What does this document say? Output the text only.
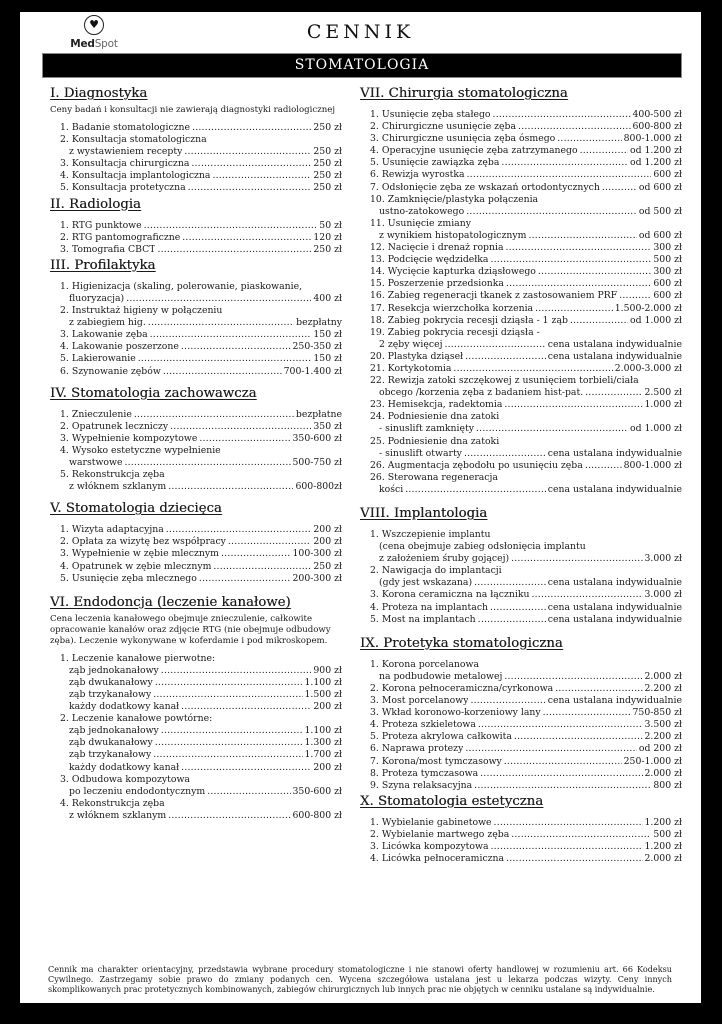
♥
MedSpot
CENNIK
STOMATOLOGIA
I. Diagnostyka
Ceny badań i konsultacji nie zawierają diagnostyki radiologicznej
1. Badanie stomatologiczne .....	250 zł
2. Konsultacja stomatologiczna
z wystawieniem recepty .....	250 zł
3. Konsultacja chirurgiczna .....	250 zł
4. Konsultacja implantologiczna .....	250 zł
5. Konsultacja protetyczna .....	250 zł
II. Radiologia
1. RTG punktowe .....	50 zł
2. RTG pantomograficzne .....	120 zł
3. Tomografia CBCT .....	250 zł
III. Profilaktyka
1. Higienizacja (skaling, polerowanie, piaskowanie,
fluoryzacja) .....	400 zł
2. Instruktaż higieny w połączeniu
z zabiegiem hig. .....	bezpłatny
3. Lakowanie zęba .....	150 zł
4. Lakowanie poszerzone .....	250-350 zł
5. Lakierowanie .....	150 zł
6. Szynowanie zębów .....	700-1.400 zł
IV. Stomatologia zachowawcza
1. Znieczulenie .....	bezpłatne
2. Opatrunek leczniczy .....	350 zł
3. Wypełnienie kompozytowe .....	350-600 zł
4. Wysoko estetyczne wypełnienie
warstwowe .....	500-750 zł
5. Rekonstrukcja zęba
z włóknem szklanym .....	600-800zł
V. Stomatologia dziecięca
1. Wizyta adaptacyjna .....	200 zł
2. Opłata za wizytę bez współpracy .....	200 zł
3. Wypełnienie w zębie mlecznym .....	100-300 zł
4. Opatrunek w zębie mlecznym .....	250 zł
5. Usunięcie zęba mlecznego .....	200-300 zł
VI. Endodoncja (leczenie kanałowe)
Cena leczenia kanałowego obejmuje znieczulenie, całkowite opracowanie kanałów oraz zdjęcie RTG (nie obejmuje odbudowy zęba). Leczenie wykonywane w koferdamie i pod mikroskopem.
1. Leczenie kanałowe pierwotne:
ząb jednokanałowy .....	900 zł
ząb dwukanałowy .....	1.100 zł
ząb trzykanałowy .....	1.500 zł
każdy dodatkowy kanał .....	200 zł
2. Leczenie kanałowe powtórne:
ząb jednokanałowy .....	1.100 zł
ząb dwukanałowy .....	1.300 zł
ząb trzykanałowy .....	1.700 zł
każdy dodatkowy kanał .....	200 zł
3. Odbudowa kompozytowa
po leczeniu endodontycznym .....	350-600 zł
4. Rekonstrukcja zęba
z włóknem szklanym .....	600-800 zł
VII. Chirurgia stomatologiczna
1. Usunięcie zęba stałego .....	400-500 zł
2. Chirurgiczne usunięcie zęba .....	600-800 zł
3. Chirurgiczne usunięcia zęba ósmego .....	800-1.000 zł
4. Operacyjne usunięcie zęba zatrzymanego .....	od 1.200 zł
5. Usunięcie zawiązka zęba .....	od 1.200 zł
6. Rewizja wyrostka .....	600 zł
7. Odsłonięcie zęba ze wskazań ortodontycznych .....	od 600 zł
10. Zamknięcie/plastyka połączenia
ustno-zatokowego .....	od 500 zł
11. Usunięcie zmiany
z wynikiem histopatologicznym .....	od 600 zł
12. Nacięcie i drenaż ropnia .....	300 zł
13. Podcięcie wędzidełka .....	500 zł
14. Wycięcie kapturka dziąsłowego .....	300 zł
15. Poszerzenie przedsionka .....	600 zł
16. Zabieg regeneracji tkanek z zastosowaniem PRF .....	600 zł
17. Resekcja wierzchołka korzenia .....	1.500-2.000 zł
18. Zabieg pokrycia recesji dziąsła - 1 ząb .....	od 1.000 zł
19. Zabieg pokrycia recesji dziąsła -
2 zęby więcej .....	cena ustalana indywidualnie
20. Plastyka dziąseł .....	cena ustalana indywidualnie
21. Kortykotomia .....	2.000-3.000 zł
22. Rewizja zatoki szczękowej z usunięciem torbieli/ciała
obcego /korzenia zęba z badaniem hist-pat. .....	2.500 zł
23. Hemisekcja, radektomia .....	1.000 zł
24. Podniesienie dna zatoki
- sinuslift zamknięty .....	od 1.000 zł
25. Podniesienie dna zatoki
- sinuslift otwarty .....	cena ustalana indywidualnie
26. Augmentacja zębodołu po usunięciu zęba .....	800-1.000 zł
26. Sterowana regeneracja
kości .....	cena ustalana indywidualnie
VIII. Implantologia
1. Wszczepienie implantu
(cena obejmuje zabieg odsłonięcia implantu
z założeniem śruby gojącej) .....	3.000 zł
2. Nawigacja do implantacji
(gdy jest wskazana) .....	cena ustalana indywidualnie
3. Korona ceramiczna na łączniku .....	3.000 zł
4. Proteza na implantach .....	cena ustalana indywidualnie
5. Most na implantach .....	cena ustalana indywidualnie
IX. Protetyka stomatologiczna
1. Korona porcelanowa
na podbudowie metalowej .....	2.000 zł
2. Korona pełnoceramiczna/cyrkonowa .....	2.200 zł
3. Most porcelanowy .....	cena ustalana indywidualnie
3. Wkład koronowo-korzeniowy lany .....	750-850 zł
4. Proteza szkieletowa .....	3.500 zł
5. Proteza akrylowa całkowita .....	2.200 zł
6. Naprawa protezy .....	od 200 zł
7. Korona/most tymczasowy .....	250-1.000 zł
8. Proteza tymczasowa .....	2.000 zł
9. Szyna relaksacyjna .....	800 zł
X. Stomatologia estetyczna
1. Wybielanie gabinetowe .....	1.200 zł
2. Wybielanie martwego zęba .....	500 zł
3. Licówka kompozytowa .....	1.200 zł
4. Licówka pełnoceramiczna .....	2.000 zł
Cennik ma charakter orientacyjny, przedstawia wybrane procedury stomatologiczne i nie stanowi oferty handlowej w rozumieniu art. 66 Kodeksu Cywilnego. Zastrzegamy sobie prawo do zmiany podanych cen. Wycena szczegółowa ustalana jest u lekarza podczas wizyty. Ceny innych skomplikowanych prac protetycznych kombinowanych, zabiegów chirurgicznych lub innych prac nie objętych w cenniku ustalane są indywidualnie.
